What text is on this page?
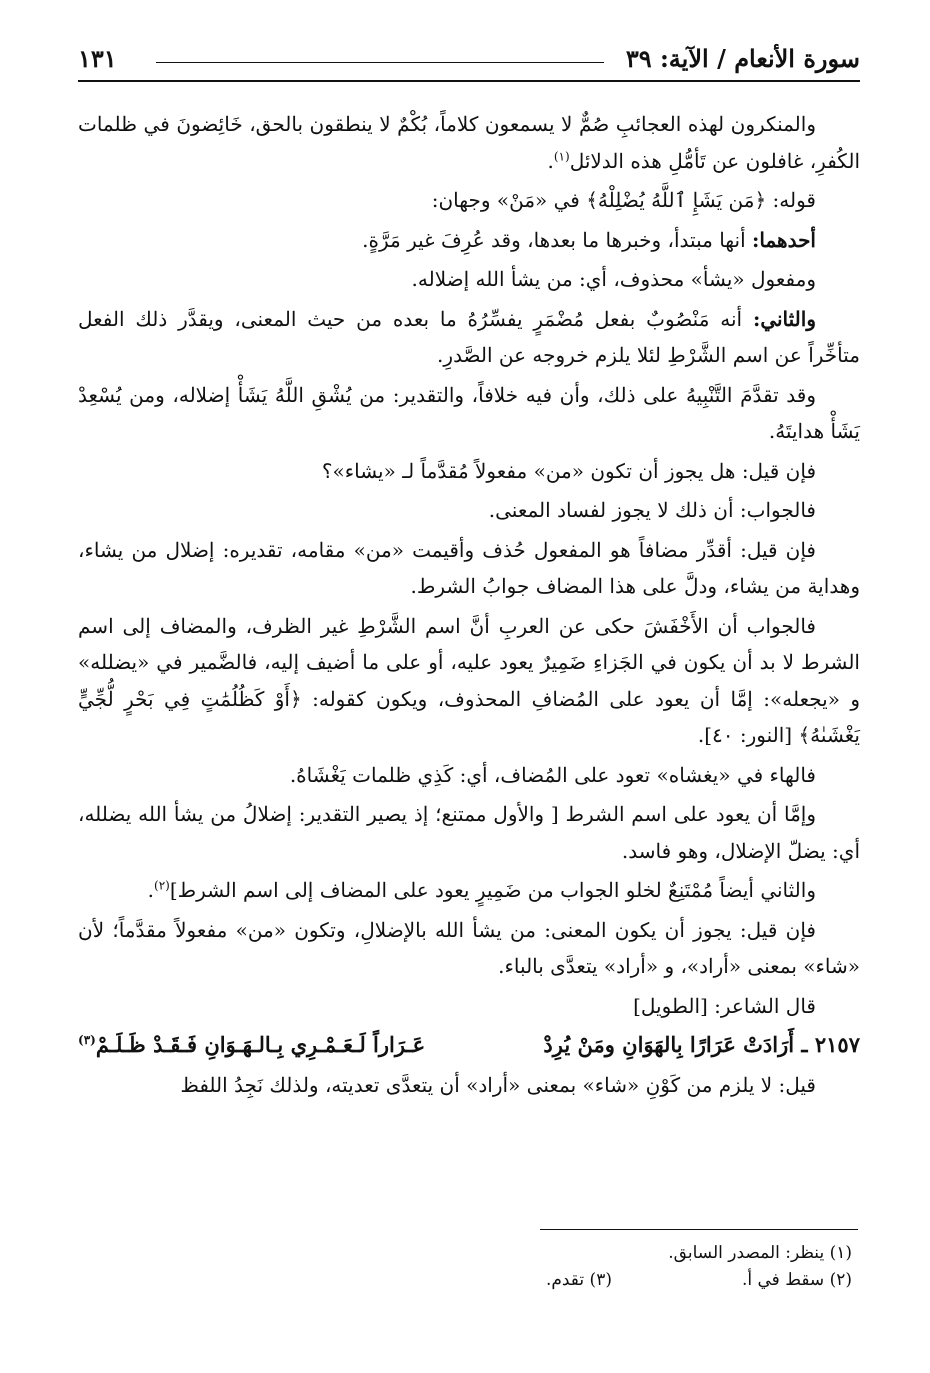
سورة الأنعام / الآية: ٣٩
١٣١

والمنكرون لهذه العجائبِ صُمٌّ لا يسمعون كلاماً، بُكْمٌ لا ينطقون بالحق، خَائِضونَ في ظلمات الكُفرِ، غافلون عن تَأمُّلِ هذه الدلائل$^{(١)}$.

قوله: ﴿مَن يَشَإِ ٱللَّهُ يُضْلِلْهُ﴾ في «مَنْ» وجهان:

أحدهما: أنها مبتدأ، وخبرها ما بعدها، وقد عُرِفَ غير مَرَّةٍ.

ومفعول «يشأ» محذوف، أي: من يشأ الله إضلاله.

والثاني: أنه مَنْصُوبٌ بفعل مُضْمَرٍ يفسِّرُهُ ما بعده من حيث المعنى، ويقدَّر ذلك الفعل متأخِّراً عن اسم الشَّرْطِ لئلا يلزم خروجه عن الصَّدرِ.

وقد تقدَّمَ التَّنْبِيهُ على ذلك، وأن فيه خلافاً، والتقدير: من يُشْقِ اللَّهُ يَشَأْ إضلاله، ومن يُسْعِدْ يَشَأْ هدايتَهُ.

فإن قيل: هل يجوز أن تكون «من» مفعولاً مُقدَّماً لـ «يشاء»؟

فالجواب: أن ذلك لا يجوز لفساد المعنى.

فإن قيل: أقدِّر مضافاً هو المفعول حُذف وأقيمت «من» مقامه، تقديره: إضلال من يشاء، وهداية من يشاء، ودلَّ على هذا المضاف جوابُ الشرط.

فالجواب أن الأَخْفَشَ حكى عن العربِ أنَّ اسم الشَّرْطِ غير الظرف، والمضاف إلى اسم الشرط لا بد أن يكون في الجَزاءِ ضَمِيرٌ يعود عليه، أو على ما أضيف إليه، فالضَّمير في «يضلله» و «يجعله»: إمَّا أن يعود على المُضافِ المحذوف، ويكون كقوله: ﴿أَوْ كَظُلُمَٰتٍ فِي بَحْرٍ لُّجِّيٍّ يَغْشَىٰهُ﴾ [النور: ٤٠].

فالهاء في «يغشاه» تعود على المُضاف، أي: كَذِي ظلمات يَغْشَاهُ.

وإمَّا أن يعود على اسم الشرط [ والأول ممتنع؛ إذ يصير التقدير: إضلالُ من يشأ الله يضلله، أي: يضلّ الإضلال، وهو فاسد.

والثاني أيضاً مُمْتَنِعٌ لخلو الجواب من ضَمِيرٍ يعود على المضاف إلى اسم الشرط]$^{(٢)}$.

فإن قيل: يجوز أن يكون المعنى: من يشأ الله بالإضلالِ، وتكون «من» مفعولاً مقدَّماً؛ لأن «شاء» بمعنى «أراد»، و «أراد» يتعدَّى بالباء.

قال الشاعر: [الطويل]

٢١٥٧ ـ أَرَادَتْ عَرَارًا بِالهَوَانِ ومَنْ يُرِدْ
عَـرَاراً لَـعَـمْـرِي بِـالـهَـوَانِ فَـقَـدْ ظَـلَـمْ$^{(٣)}$

قيل: لا يلزم من كَوْنِ «شاء» بمعنى «أراد» أن يتعدَّى تعديته، ولذلك نَجِدُ اللفظ

(١) ينظر: المصدر السابق.

(٢) سقط في أ.(٣) تقدم.
